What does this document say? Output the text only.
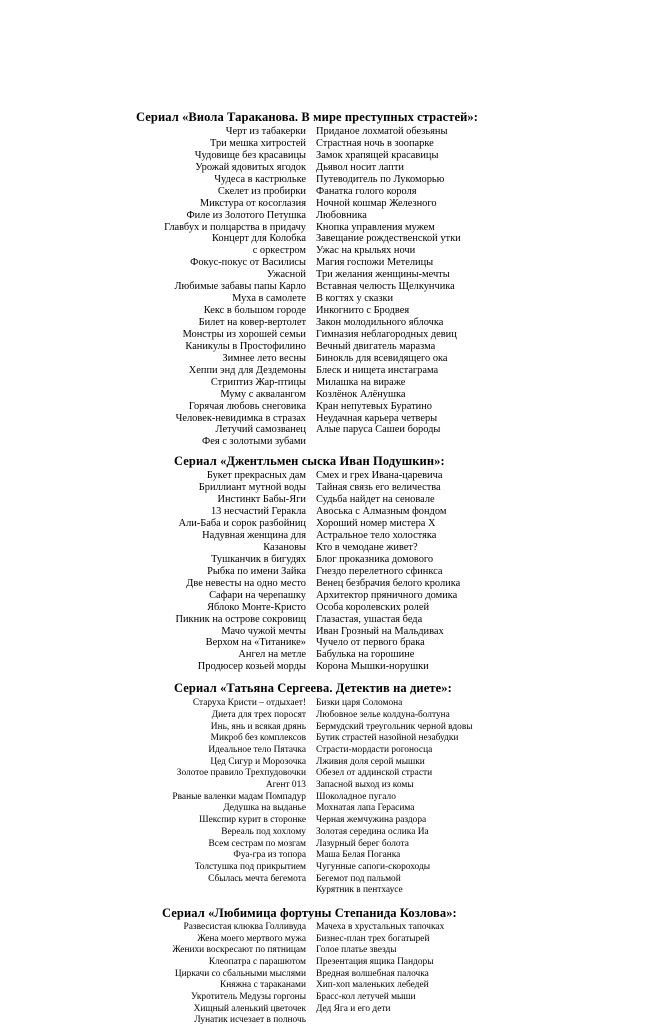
Сериал «Виола Тараканова. В мире преступных страстей»:
Черт из табакерки
Три мешка хитростей
Чудовище без красавицы
Урожай ядовитых ягодок
Чудеса в кастрюльке
Скелет из пробирки
Микстура от косоглазия
Филе из Золотого Петушка
Главбух и полцарства в придачу
Концерт для Колобка
с оркестром
Фокус-покус от Василисы
Ужасной
Любимые забавы папы Карло
Муха в самолете
Кекс в большом городе
Билет на ковер-вертолет
Монстры из хорошей семьи
Каникулы в Простофилино
Зимнее лето весны
Хеппи энд для Дездемоны
Стриптиз Жар-птицы
Муму с аквалангом
Горячая любовь снеговика
Человек-невидимка в стразах
Летучий самозванец
Фея с золотыми зубами
Приданое лохматой обезьяны
Страстная ночь в зоопарке
Замок храпящей красавицы
Дьявол носит лапти
Путеводитель по Лукоморью
Фанатка голого короля
Ночной кошмар Железного
Любовника
Кнопка управления мужем
Завещание рождественской утки
Ужас на крыльях ночи
Магия госпожи Метелицы
Три желания женщины-мечты
Вставная челюсть Щелкунчика
В когтях у сказки
Инкогнито с Бродвея
Закон молодильного яблочка
Гимназия неблагородных девиц
Вечный двигатель маразма
Бинокль для всевидящего ока
Блеск и нищета инстаграма
Милашка на вираже
Козлёнок Алёнушка
Кран непутевых Буратино
Неудачная карьера четверы
Алые паруса Сашеи бороды
Сериал «Джентльмен сыска Иван Подушкин»:
Букет прекрасных дам
Бриллиант мутной воды
Инстинкт Бабы-Яги
13 несчастий Геракла
Али-Баба и сорок разбойниц
Надувная женщина для
Казановы
Тушканчик в бигудях
Рыбка по имени Зайка
Две невесты на одно место
Сафари на черепашку
Яблоко Монте-Кристо
Пикник на острове сокровищ
Мачо чужой мечты
Верхом на «Титанике»
Ангел на метле
Продюсер козьей морды
Смех и грех Ивана-царевича
Тайная связь его величества
Судьба найдет на сеновале
Авоська с Алмазным фондом
Хороший номер мистера Х
Астральное тело холостяка
Кто в чемодане живет?
Блог проказника домового
Гнездо перелетного сфинкса
Венец безбрачия белого кролика
Архитектор пряничного домика
Особа королевских ролей
Глазастая, ушастая беда
Иван Грозный на Мальдивах
Чучело от первого брака
Бабулька на горошине
Корона Мышки-норушки
Сериал «Татьяна Сергеева. Детектив на диете»:
Старуха Кристи – отдыхает!
Диета для трех поросят
Инь, янь и всякая дрянь
Микроб без комплексов
Идеальное тело Пятачка
Цед Сигур и Морозочка
Золотое правило Трехпудовочки
Агент 013
Рваные валенки мадам Помпадур
Дедушка на выданье
Шекспир курит в сторонке
Вереаль под хохлому
Всем сестрам по мозгам
Фуа-гра из топора
Толстушка под прикрытием
Сбылась мечта бегемота
Бизки царя Соломона
Любовное зелье колдуна-болтуна
Бермудский треугольник черной вдовы
Бутик страстей назойной незабудки
Страсти-мордасти рогоносца
Лживия доля серой мышки
Обезел от аддинской страсти
Запасной выход из комы
Шоколадное пугало
Мохнатая лапа Герасима
Черная жемчужина раздора
Золотая середина ослика Иа
Лазурный берег болота
Маша Белая Поганка
Чугунные сапоги-скороходы
Бегемот под пальмой
Курятник в пентхаусе
Сериал «Любимица фортуны Степанида Козлова»:
Развесистая клюква Голливуда
Жена моего мертвого мужа
Женихи воскресают по пятницам
Клеопатра с парашютом
Циркачи со сбальными мыслями
Княжна с тараканами
Укротитель Медузы горгоны
Хищный аленький цветочек
Лунатик исчезает в полночь
Мачеха в хрустальных тапочках
Бизнес-план трех богатырей
Голое платье звезды
Презентация ящика Пандоры
Вредная волшебная палочка
Хип-хоп маленьких лебедей
Брасс-кол летучей мыши
Дед Яга и его дети
